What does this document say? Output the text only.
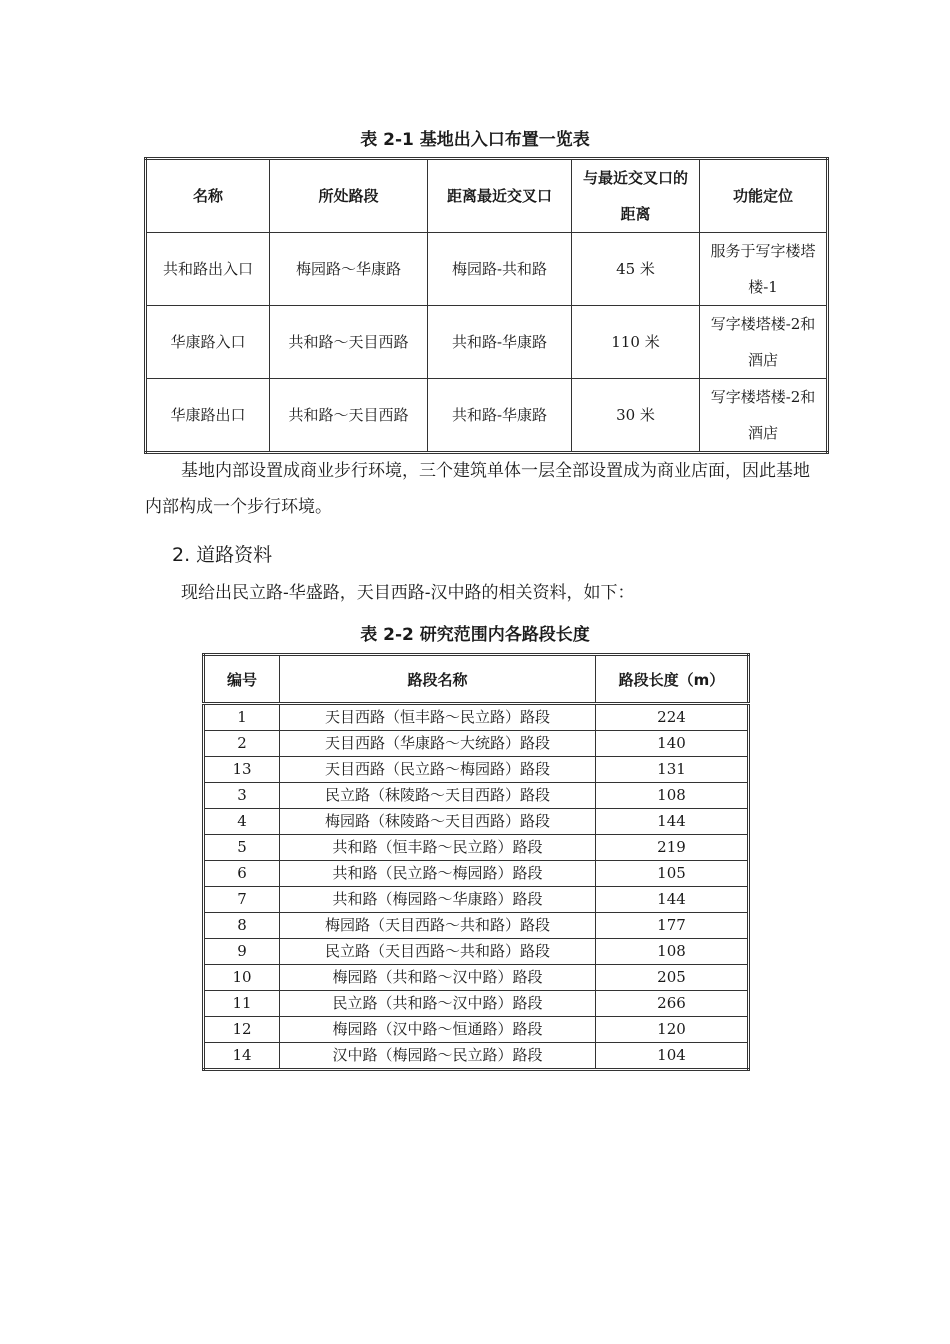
表 2-1 基地出入口布置一览表
名称	所处路段	距离最近交叉口	与最近交叉口的距离	功能定位
共和路出入口	梅园路～华康路	梅园路-共和路	45 米	服务于写字楼塔楼-1
华康路入口	共和路～天目西路	共和路-华康路	110 米	写字楼塔楼-2和酒店
华康路出口	共和路～天目西路	共和路-华康路	30 米	写字楼塔楼-2和酒店
基地内部设置成商业步行环境，三个建筑单体一层全部设置成为商业店面，因此基地内部构成一个步行环境。
2. 道路资料
现给出民立路-华盛路，天目西路-汉中路的相关资料，如下：
表 2-2 研究范围内各路段长度
编号	路段名称	路段长度（m）
1	天目西路（恒丰路～民立路）路段	224
2	天目西路（华康路～大统路）路段	140
13	天目西路（民立路～梅园路）路段	131
3	民立路（秣陵路～天目西路）路段	108
4	梅园路（秣陵路～天目西路）路段	144
5	共和路（恒丰路～民立路）路段	219
6	共和路（民立路～梅园路）路段	105
7	共和路（梅园路～华康路）路段	144
8	梅园路（天目西路～共和路）路段	177
9	民立路（天目西路～共和路）路段	108
10	梅园路（共和路～汉中路）路段	205
11	民立路（共和路～汉中路）路段	266
12	梅园路（汉中路～恒通路）路段	120
14	汉中路（梅园路～民立路）路段	104
